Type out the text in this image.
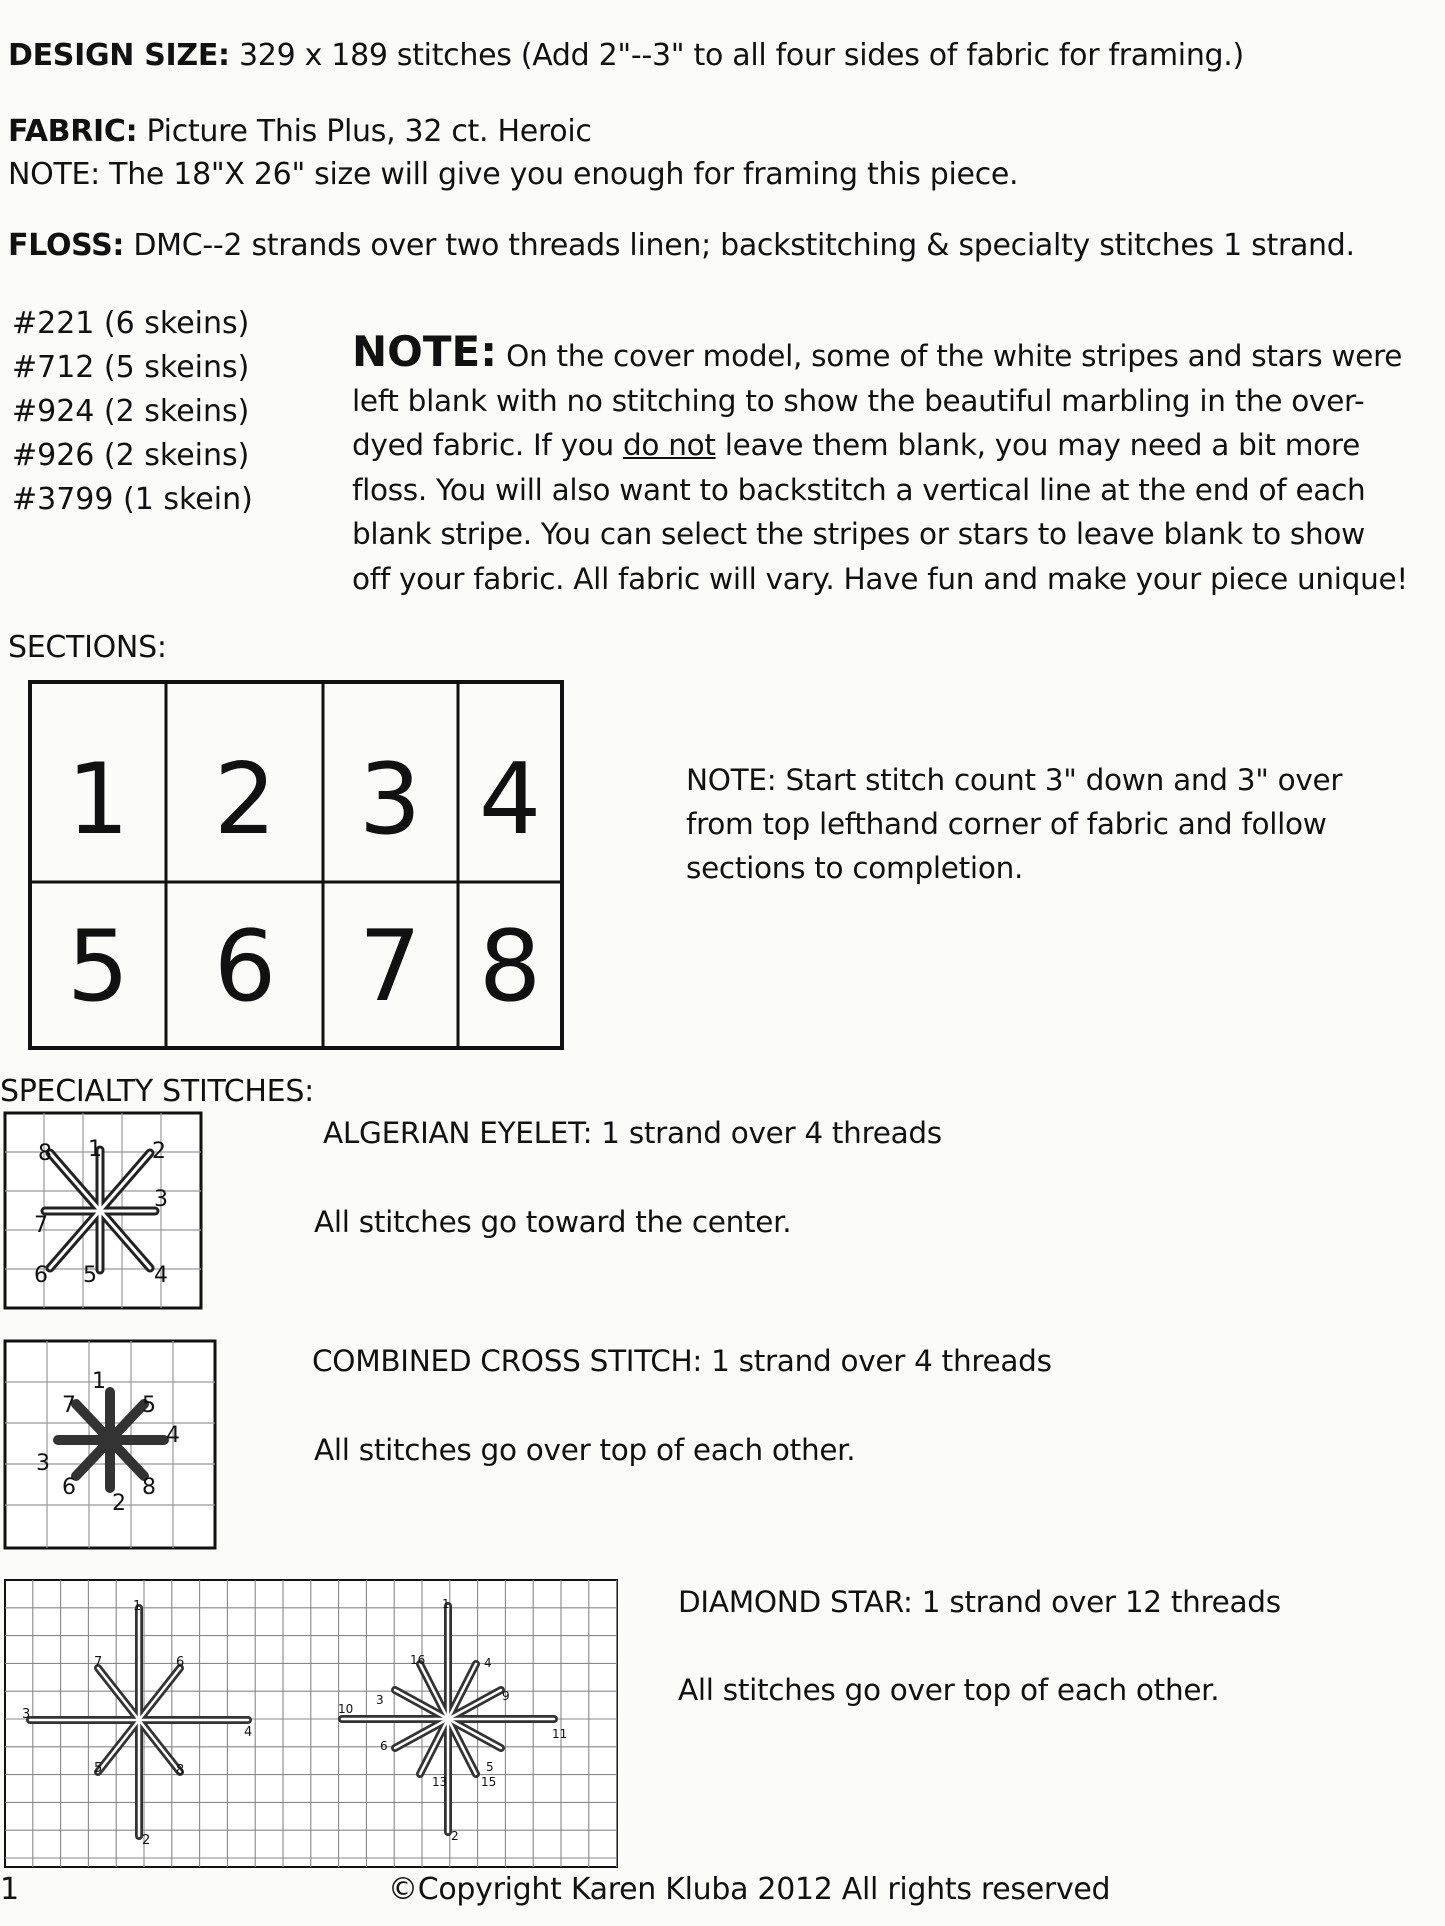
DESIGN SIZE: 329 x 189 stitches (Add 2"--3" to all four sides of fabric for framing.)
FABRIC: Picture This Plus, 32 ct. Heroic
NOTE: The 18"X 26" size will give you enough for framing this piece.
FLOSS: DMC--2 strands over two threads linen; backstitching & specialty stitches 1 strand.
#221 (6 skeins)
#712 (5 skeins)
#924 (2 skeins)
#926 (2 skeins)
#3799 (1 skein)
NOTE: On the cover model, some of the white stripes and stars were
left blank with no stitching to show the beautiful marbling in the over-
dyed fabric. If you do not leave them blank, you may need a bit more
floss. You will also want to backstitch a vertical line at the end of each
blank stripe. You can select the stripes or stars to leave blank to show
off your fabric. All fabric will vary. Have fun and make your piece unique!
SECTIONS:
1 2 3 4
5 6 7 8
1 2
3
4
5
6
7
8
1
2
3
4
5
6
7
8
1
2
3
4
5
6
7
8
1
2
3
4
5
6
9
10
11
13	15
16
NOTE: Start stitch count 3" down and 3" over
from top lefthand corner of fabric and follow
sections to completion.
SPECIALTY STITCHES:
ALGERIAN EYELET: 1 strand over 4 threads
All stitches go toward the center.
COMBINED CROSS STITCH: 1 strand over 4 threads
All stitches go over top of each other.
DIAMOND STAR: 1 strand over 12 threads
All stitches go over top of each other.
1	©Copyright Karen Kluba 2012 All rights reserved
